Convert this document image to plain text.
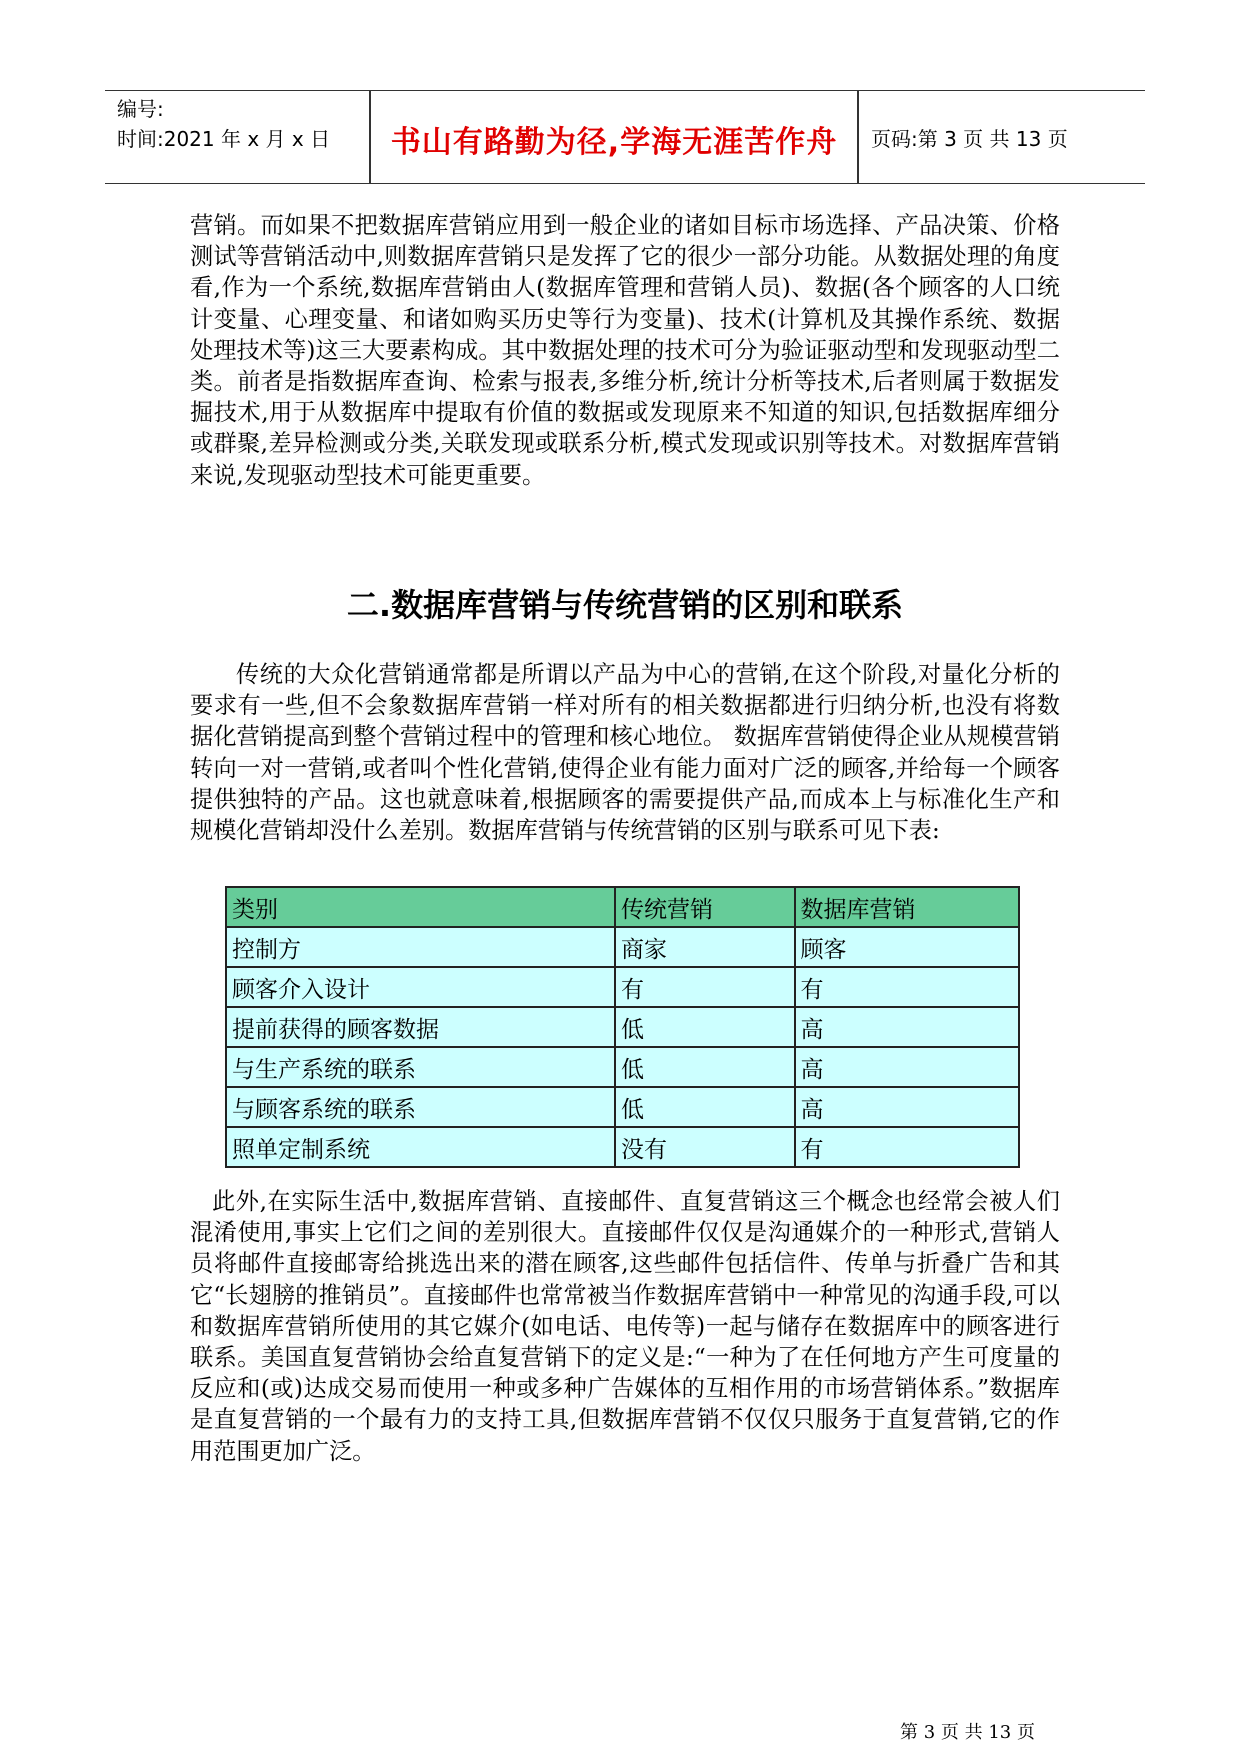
编号:
时间:2021 年 x 月 x 日	书山有路勤为径,学海无涯苦作舟	页码:第 3 页 共 13 页

营销。而如果不把数据库营销应用到一般企业的诸如目标市场选择、产品决策、价格测试等营销活动中,则数据库营销只是发挥了它的很少一部分功能。从数据处理的角度看,作为一个系统,数据库营销由人(数据库管理和营销人员)、数据(各个顾客的人口统计变量、心理变量、和诸如购买历史等行为变量)、技术(计算机及其操作系统、数据处理技术等)这三大要素构成。其中数据处理的技术可分为验证驱动型和发现驱动型二类。前者是指数据库查询、检索与报表,多维分析,统计分析等技术,后者则属于数据发掘技术,用于从数据库中提取有价值的数据或发现原来不知道的知识,包括数据库细分或群聚,差异检测或分类,关联发现或联系分析,模式发现或识别等技术。对数据库营销来说,发现驱动型技术可能更重要。

二.数据库营销与传统营销的区别和联系

传统的大众化营销通常都是所谓以产品为中心的营销,在这个阶段,对量化分析的要求有一些,但不会象数据库营销一样对所有的相关数据都进行归纳分析,也没有将数据化营销提高到整个营销过程中的管理和核心地位。 数据库营销使得企业从规模营销转向一对一营销,或者叫个性化营销,使得企业有能力面对广泛的顾客,并给每一个顾客提供独特的产品。这也就意味着,根据顾客的需要提供产品,而成本上与标准化生产和规模化营销却没什么差别。数据库营销与传统营销的区别与联系可见下表:

类别	传统营销	数据库营销
控制方	商家	顾客
顾客介入设计	有	有
提前获得的顾客数据	低	高
与生产系统的联系	低	高
与顾客系统的联系	低	高
照单定制系统	没有	有

此外,在实际生活中,数据库营销、直接邮件、直复营销这三个概念也经常会被人们混淆使用,事实上它们之间的差别很大。直接邮件仅仅是沟通媒介的一种形式,营销人员将邮件直接邮寄给挑选出来的潜在顾客,这些邮件包括信件、传单与折叠广告和其它“长翅膀的推销员”。直接邮件也常常被当作数据库营销中一种常见的沟通手段,可以和数据库营销所使用的其它媒介(如电话、电传等)一起与储存在数据库中的顾客进行联系。美国直复营销协会给直复营销下的定义是:“一种为了在任何地方产生可度量的反应和(或)达成交易而使用一种或多种广告媒体的互相作用的市场营销体系。”数据库是直复营销的一个最有力的支持工具,但数据库营销不仅仅只服务于直复营销,它的作用范围更加广泛。

第 3 页 共 13 页
